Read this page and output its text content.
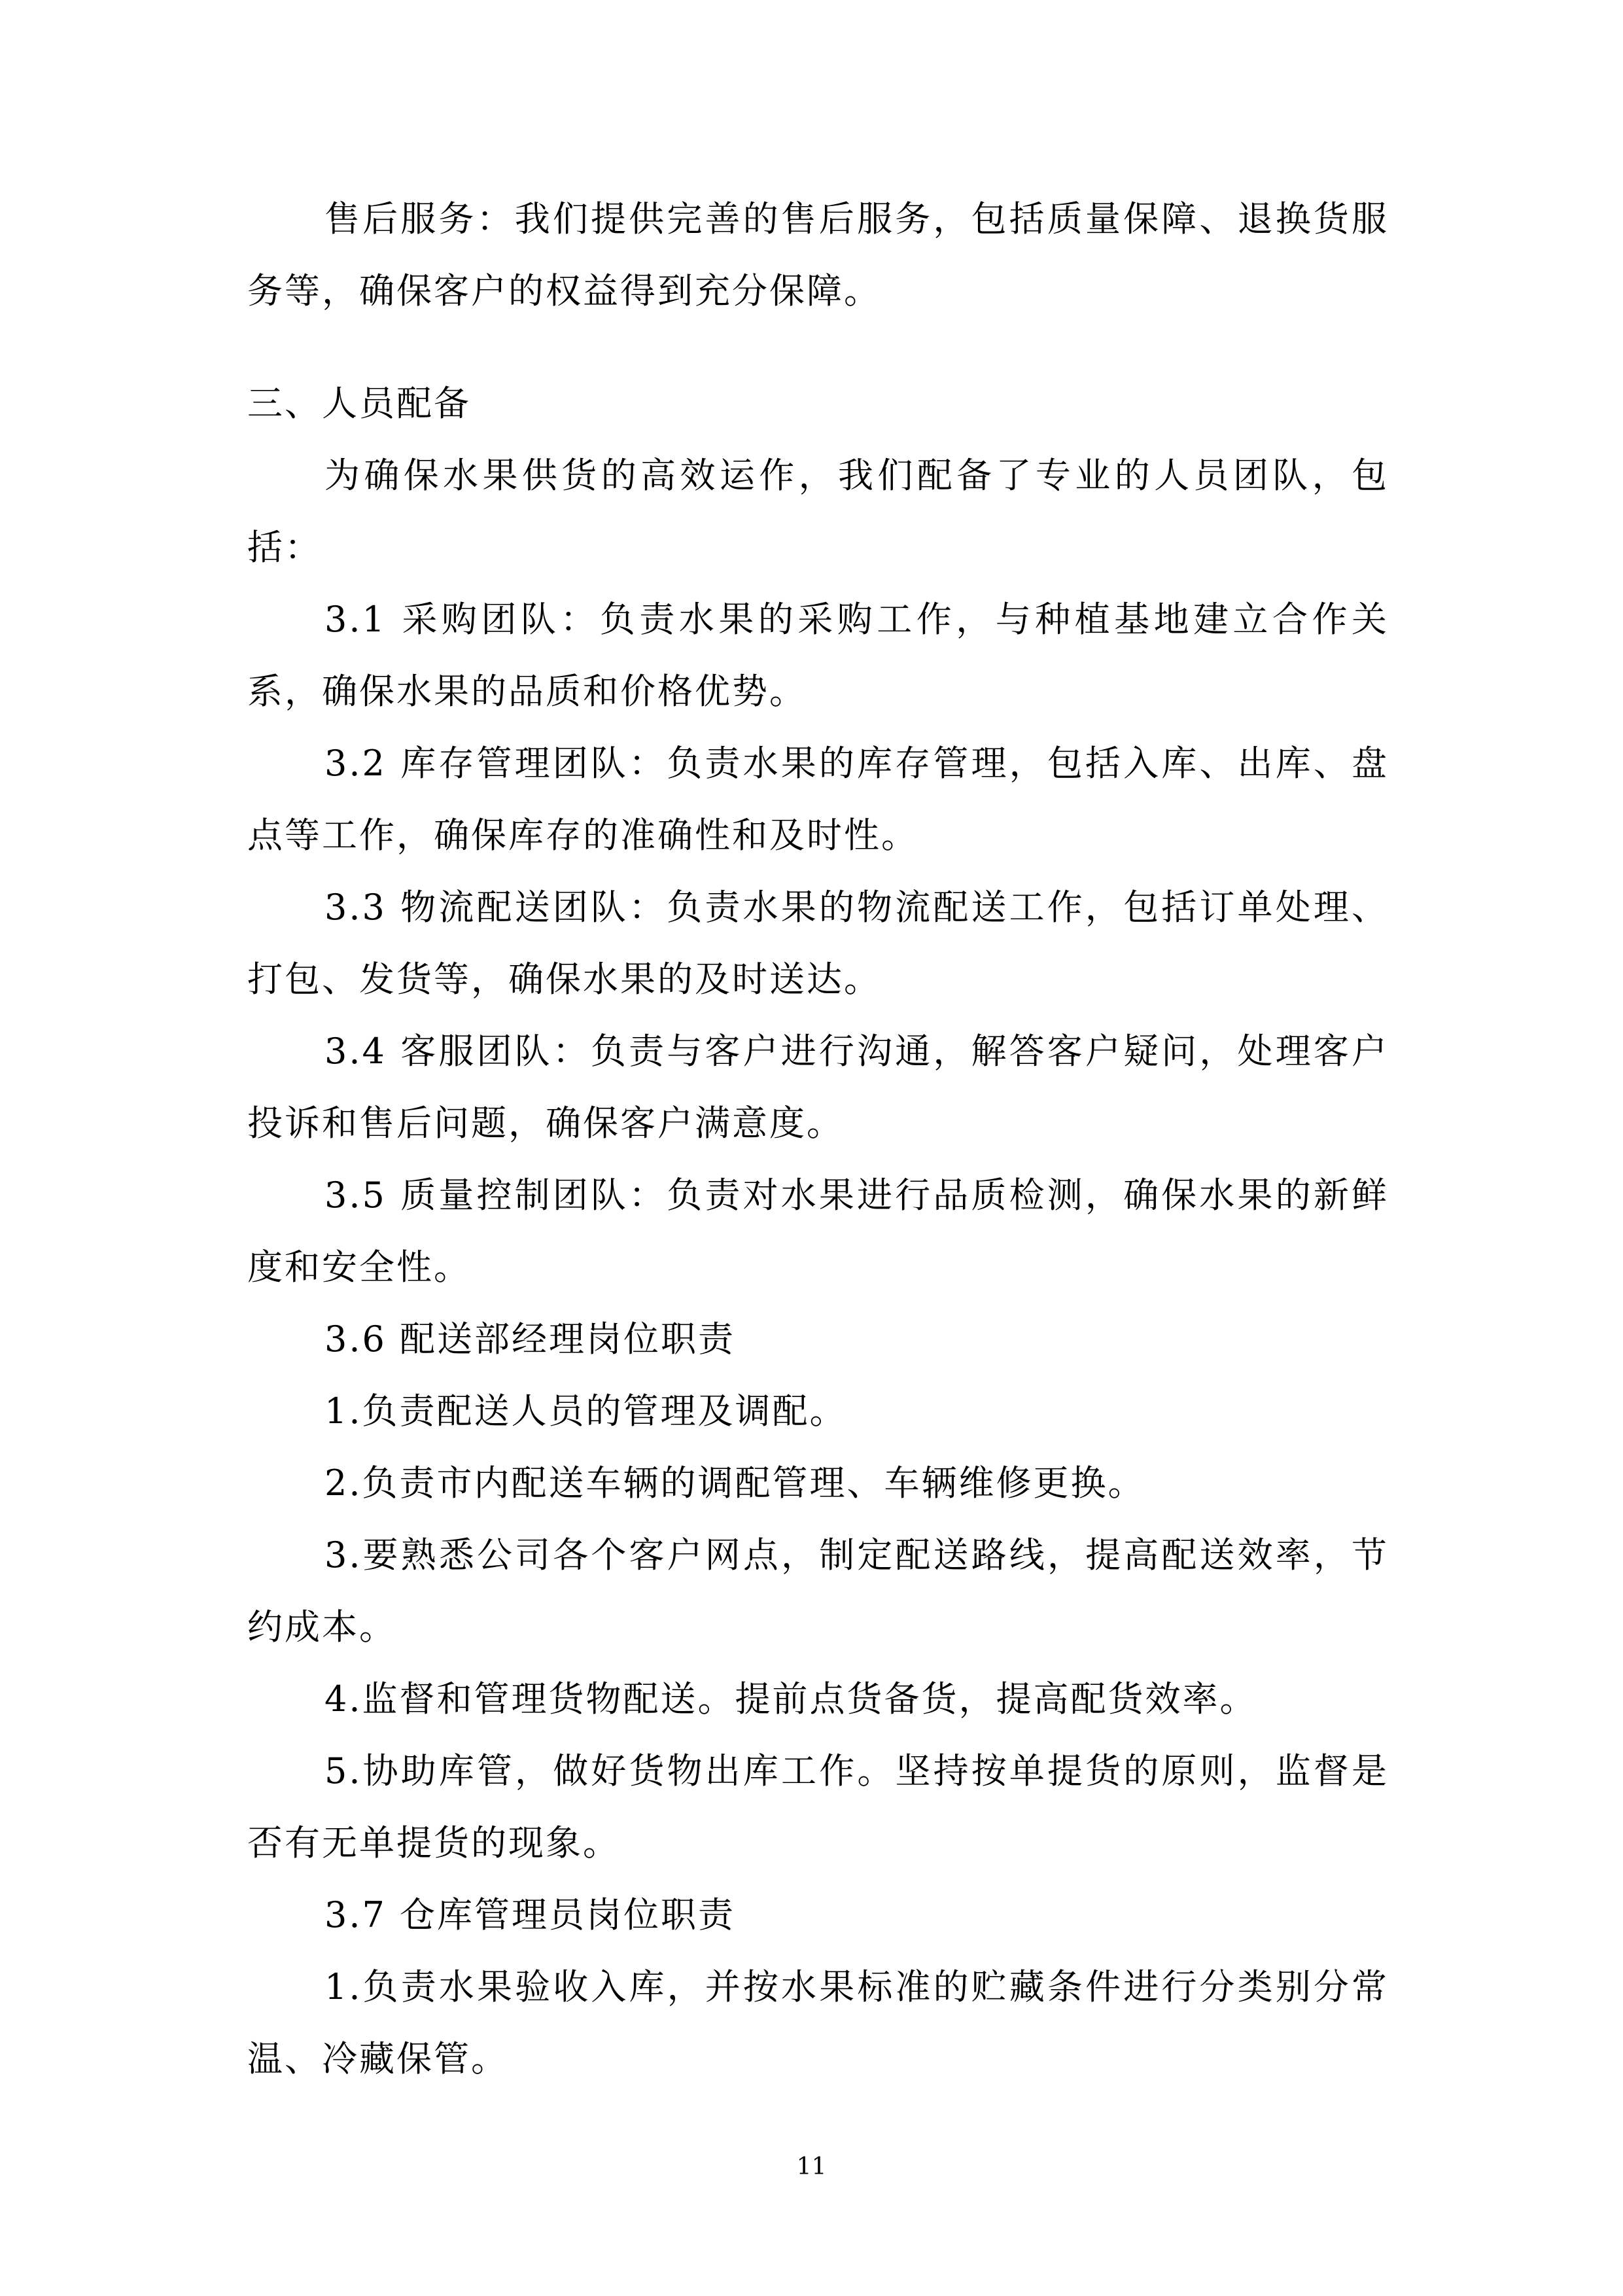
售后服务：我们提供完善的售后服务，包括质量保障、退换货服务等，确保客户的权益得到充分保障。

三、人员配备

为确保水果供货的高效运作，我们配备了专业的人员团队，包括：

3.1 采购团队：负责水果的采购工作，与种植基地建立合作关系，确保水果的品质和价格优势。

3.2 库存管理团队：负责水果的库存管理，包括入库、出库、盘点等工作，确保库存的准确性和及时性。

3.3 物流配送团队：负责水果的物流配送工作，包括订单处理、打包、发货等，确保水果的及时送达。

3.4 客服团队：负责与客户进行沟通，解答客户疑问，处理客户投诉和售后问题，确保客户满意度。

3.5 质量控制团队：负责对水果进行品质检测，确保水果的新鲜度和安全性。

3.6 配送部经理岗位职责

1.负责配送人员的管理及调配。

2.负责市内配送车辆的调配管理、车辆维修更换。

3.要熟悉公司各个客户网点，制定配送路线，提高配送效率，节约成本。

4.监督和管理货物配送。提前点货备货，提高配货效率。

5.协助库管，做好货物出库工作。坚持按单提货的原则，监督是否有无单提货的现象。

3.7 仓库管理员岗位职责

1.负责水果验收入库，并按水果标准的贮藏条件进行分类别分常温、冷藏保管。

11
